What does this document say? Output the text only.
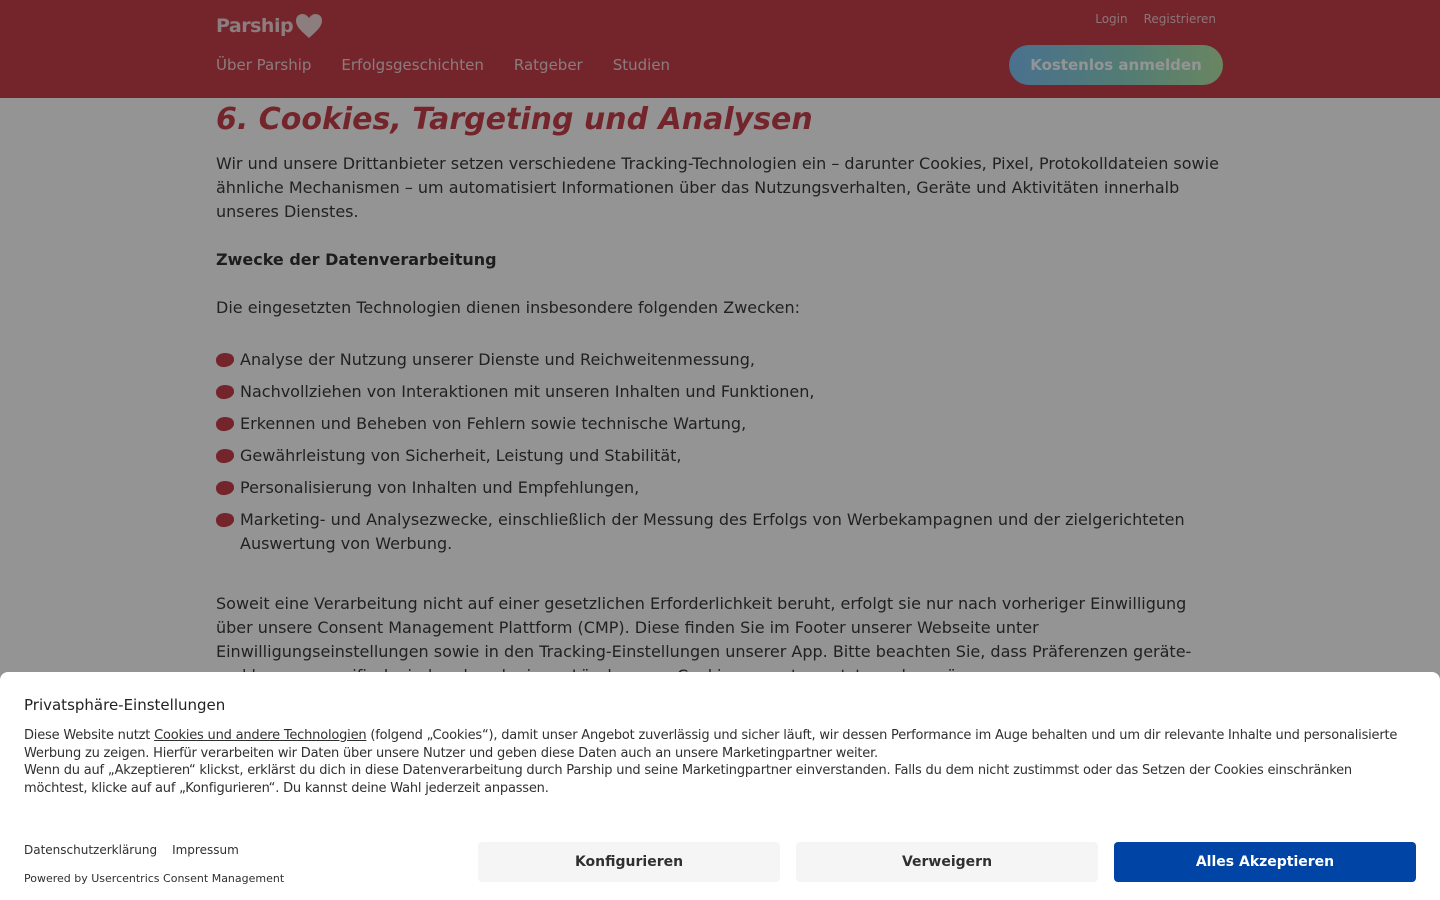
Parship	Login Registrieren
Über Parship Erfolgsgeschichten Ratgeber Studien	Kostenlos anmelden
6. Cookies, Targeting und Analysen

Wir und unsere Drittanbieter setzen verschiedene Tracking-Technologien ein – darunter Cookies, Pixel, Protokolldateien sowie ähnliche Mechanismen – um automatisiert Informationen über das Nutzungsverhalten, Geräte und Aktivitäten innerhalb unseres Dienstes.

Zwecke der Datenverarbeitung

Die eingesetzten Technologien dienen insbesondere folgenden Zwecken:

Analyse der Nutzung unserer Dienste und Reichweitenmessung,
Nachvollziehen von Interaktionen mit unseren Inhalten und Funktionen,
Erkennen und Beheben von Fehlern sowie technische Wartung,
Gewährleistung von Sicherheit, Leistung und Stabilität,
Personalisierung von Inhalten und Empfehlungen,
Marketing- und Analysezwecke, einschließlich der Messung des Erfolgs von Werbekampagnen und der zielgerichteten Auswertung von Werbung.

Soweit eine Verarbeitung nicht auf einer gesetzlichen Erforderlichkeit beruht, erfolgt sie nur nach vorheriger Einwilligung über unsere Consent Management Plattform (CMP). Diese finden Sie im Footer unserer Webseite unter Einwilligungseinstellungen sowie in den Tracking-Einstellungen unserer App. Bitte beachten Sie, dass Präferenzen geräte-

Privatsphäre-Einstellungen
Diese Website nutzt Cookies und andere Technologien (folgend „Cookies“), damit unser Angebot zuverlässig und sicher läuft, wir dessen Performance im Auge behalten und um dir relevante Inhalte und personalisierte Werbung zu zeigen. Hierfür verarbeiten wir Daten über unsere Nutzer und geben diese Daten auch an unsere Marketingpartner weiter.
Wenn du auf „Akzeptieren“ klickst, erklärst du dich in diese Datenverarbeitung durch Parship und seine Marketingpartner einverstanden. Falls du dem nicht zustimmst oder das Setzen der Cookies einschränken möchtest, klicke auf auf „Konfigurieren“. Du kannst deine Wahl jederzeit anpassen.
Datenschutzerklärung Impressum
Powered by Usercentrics Consent Management
Konfigurieren	Verweigern	Alles Akzeptieren
